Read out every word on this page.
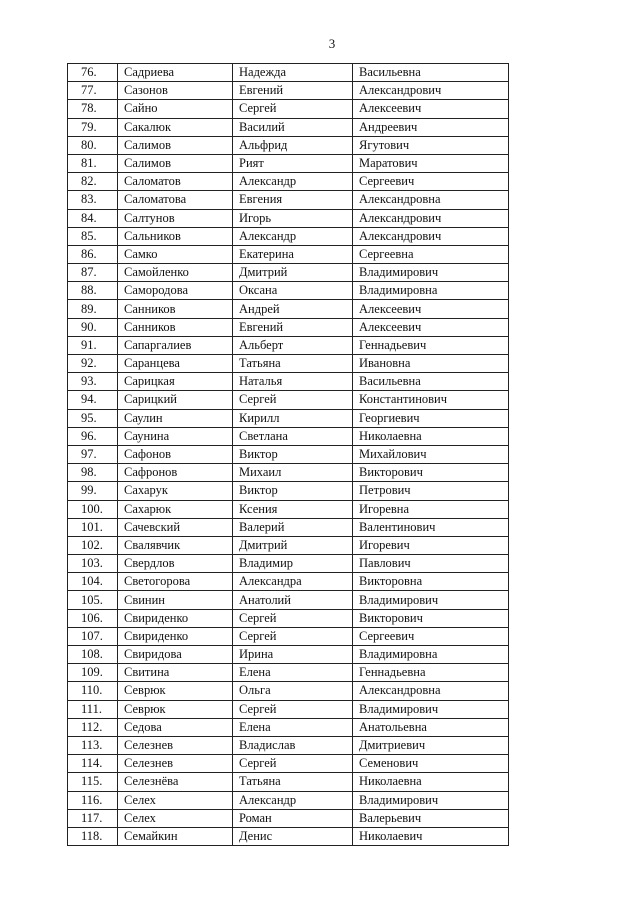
3
76.	Садриева	Надежда	Васильевна
77.	Сазонов	Евгений	Александрович
78.	Сайно	Сергей	Алексеевич
79.	Сакалюк	Василий	Андреевич
80.	Салимов	Альфрид	Ягутович
81.	Салимов	Рият	Маратович
82.	Саломатов	Александр	Сергеевич
83.	Саломатова	Евгения	Александровна
84.	Салтунов	Игорь	Александрович
85.	Сальников	Александр	Александрович
86.	Самко	Екатерина	Сергеевна
87.	Самойленко	Дмитрий	Владимирович
88.	Самородова	Оксана	Владимировна
89.	Санников	Андрей	Алексеевич
90.	Санников	Евгений	Алексеевич
91.	Сапаргалиев	Альберт	Геннадьевич
92.	Саранцева	Татьяна	Ивановна
93.	Сарицкая	Наталья	Васильевна
94.	Сарицкий	Сергей	Константинович
95.	Саулин	Кирилл	Георгиевич
96.	Саунина	Светлана	Николаевна
97.	Сафонов	Виктор	Михайлович
98.	Сафронов	Михаил	Викторович
99.	Сахарук	Виктор	Петрович
100.	Сахарюк	Ксения	Игоревна
101.	Сачевский	Валерий	Валентинович
102.	Свалявчик	Дмитрий	Игоревич
103.	Свердлов	Владимир	Павлович
104.	Светогорова	Александра	Викторовна
105.	Свинин	Анатолий	Владимирович
106.	Свириденко	Сергей	Викторович
107.	Свириденко	Сергей	Сергеевич
108.	Свиридова	Ирина	Владимировна
109.	Свитина	Елена	Геннадьевна
110.	Севрюк	Ольга	Александровна
111.	Севрюк	Сергей	Владимирович
112.	Седова	Елена	Анатольевна
113.	Селезнев	Владислав	Дмитриевич
114.	Селезнев	Сергей	Семенович
115.	Селезнёва	Татьяна	Николаевна
116.	Селех	Александр	Владимирович
117.	Селех	Роман	Валерьевич
118.	Семайкин	Денис	Николаевич
